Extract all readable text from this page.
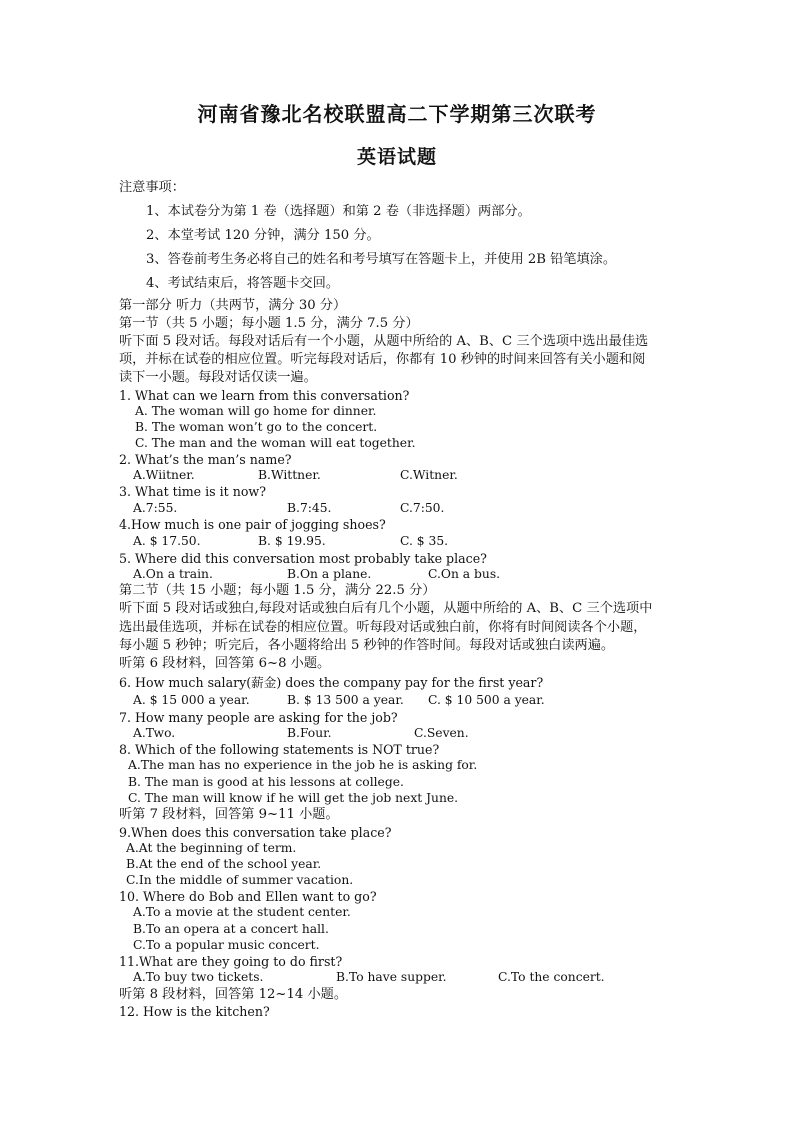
河南省豫北名校联盟高二下学期第三次联考
英语试题
注意事项：
1、本试卷分为第 1 卷（选择题）和第 2 卷（非选择题）两部分。
2、本堂考试 120 分钟，满分 150 分。
3、答卷前考生务必将自己的姓名和考号填写在答题卡上，并使用 2B 铅笔填涂。
4、考试结束后，将答题卡交回。
第一部分 听力（共两节，满分 30 分）
第一节（共 5 小题；每小题 1.5 分，满分 7.5 分）
听下面 5 段对话。每段对话后有一个小题，从题中所给的 A、B、C 三个选项中选出最佳选
项，并标在试卷的相应位置。听完每段对话后，你都有 10 秒钟的时间来回答有关小题和阅
读下一小题。每段对话仅读一遍。
1. What can we learn from this conversation?
A. The woman will go home for dinner.
B. The woman won’t go to the concert.
C. The man and the woman will eat together.
2. What’s the man’s name?
A.Wiitner.	B.Wittner.	C.Witner.
3. What time is it now?
A.7:55.	B.7:45.	C.7:50.
4.How much is one pair of jogging shoes?
A. $ 17.50.	B. $ 19.95.	C. $ 35.
5. Where did this conversation most probably take place?
A.On a train.	B.On a plane.	C.On a bus.
第二节（共 15 小题；每小题 1.5 分，满分 22.5 分）
听下面 5 段对话或独白,每段对话或独白后有几个小题，从题中所给的 A、B、C 三个选项中
选出最佳选项，并标在试卷的相应位置。听每段对话或独白前，你将有时间阅读各个小题，
每小题 5 秒钟；听完后，各小题将给出 5 秒钟的作答时间。每段对话或独白读两遍。
听第 6 段材料，回答第 6~8 小题。
6. How much salary(薪金) does the company pay for the first year?
A. $ 15 000 a year.	B. $ 13 500 a year. C. $ 10 500 a year.
7. How many people are asking for the job?
A.Two.	B.Four.	C.Seven.
8. Which of the following statements is NOT true?
A.The man has no experience in the job he is asking for.
B. The man is good at his lessons at college.
C. The man will know if he will get the job next June.
听第 7 段材料，回答第 9~11 小题。
9.When does this conversation take place?
A.At the beginning of term.
B.At the end of the school year.
C.In the middle of summer vacation.
10. Where do Bob and Ellen want to go?
A.To a movie at the student center.
B.To an opera at a concert hall.
C.To a popular music concert.
11.What are they going to do first?
A.To buy two tickets.	B.To have supper.	C.To the concert.
听第 8 段材料，回答第 12~14 小题。
12. How is the kitchen?
